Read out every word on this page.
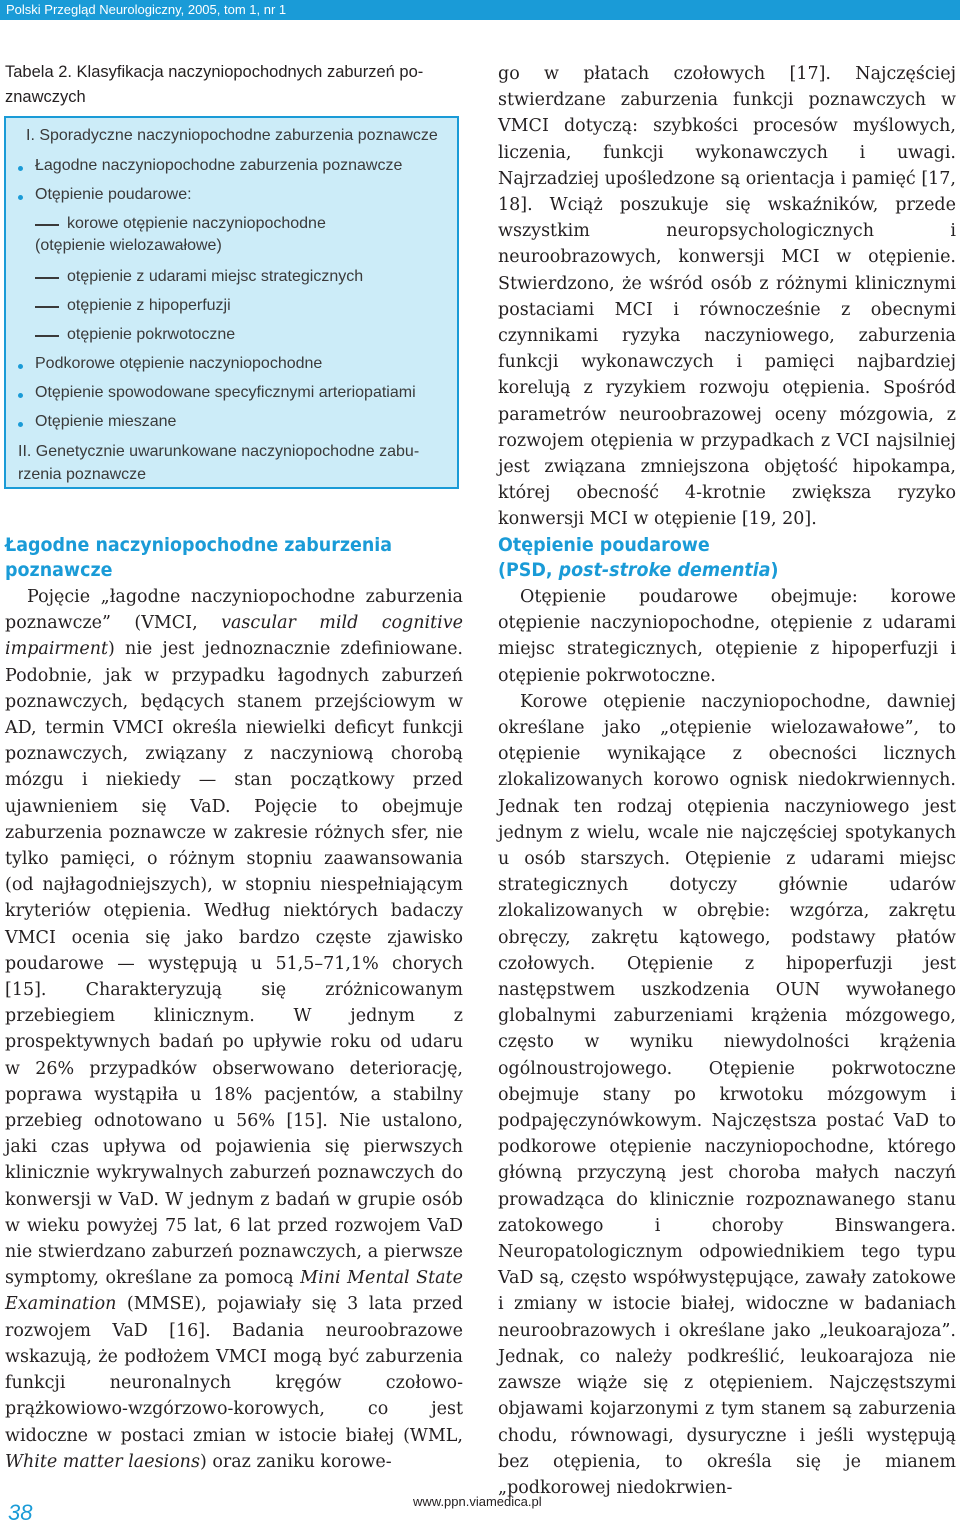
Polski Przegląd Neurologiczny, 2005, tom 1, nr 1
Tabela 2. Klasyfikacja naczyniopochodnych zaburzeń po-
znawczych
I. Sporadyczne naczyniopochodne zaburzenia poznawcze
Łagodne naczyniopochodne zaburzenia poznawcze
Otępienie poudarowe:
korowe otępienie naczyniopochodne
(otępienie wielozawałowe)
otępienie z udarami miejsc strategicznych
otępienie z hipoperfuzji
otępienie pokrwotoczne
Podkorowe otępienie naczyniopochodne
Otępienie spowodowane specyficznymi arteriopatiami
Otępienie mieszane
II. Genetycznie uwarunkowane naczyniopochodne zabu-
rzenia poznawcze
Łagodne naczyniopochodne zaburzenia
poznawcze

Pojęcie „łagodne naczyniopochodne zaburzenia poznawcze” (VMCI, vascular mild cognitive impairment) nie jest jednoznacznie zdefiniowane. Podobnie, jak w przypadku łagodnych zaburzeń poznawczych, będących stanem przejściowym w AD, termin VMCI określa niewielki deficyt funkcji poznawczych, związany z naczyniową chorobą mózgu i niekiedy — stan początkowy przed ujawnieniem się VaD. Pojęcie to obejmuje zaburzenia poznawcze w zakresie różnych sfer, nie tylko pamięci, o różnym stopniu zaawansowania (od najłagodniejszych), w stopniu niespełniającym kryteriów otępienia. Według niektórych badaczy VMCI ocenia się jako bardzo częste zjawisko poudarowe — występują u 51,5–71,1% chorych [15]. Charakteryzują się zróżnicowanym przebiegiem klinicznym. W jednym z prospektywnych badań po upływie roku od udaru w 26% przypadków obserwowano deteriorację, poprawa wystąpiła u 18% pacjentów, a stabilny przebieg odnotowano u 56% [15]. Nie ustalono, jaki czas upływa od pojawienia się pierwszych klinicznie wykrywalnych zaburzeń poznawczych do konwersji w VaD. W jednym z badań w grupie osób w wieku powyżej 75 lat, 6 lat przed rozwojem VaD nie stwierdzano zaburzeń poznawczych, a pierwsze symptomy, określane za pomocą Mini Mental State Examination (MMSE), pojawiały się 3 lata przed rozwojem VaD [16]. Badania neuroobrazowe wskazują, że podłożem VMCI mogą być zaburzenia funkcji neuronalnych kręgów czołowo-prążkowiowo-wzgórzowo-korowych, co jest widoczne w postaci zmian w istocie białej (WML, White matter laesions) oraz zaniku korowe-

go w płatach czołowych [17]. Najczęściej stwierdzane zaburzenia funkcji poznawczych w VMCI dotyczą: szybkości procesów myślowych, liczenia, funkcji wykonawczych i uwagi. Najrzadziej upośledzone są orientacja i pamięć [17, 18]. Wciąż poszukuje się wskaźników, przede wszystkim neuropsychologicznych i neuroobrazowych, konwersji MCI w otępienie. Stwierdzono, że wśród osób z różnymi klinicznymi postaciami MCI i równocześnie z obecnymi czynnikami ryzyka naczyniowego, zaburzenia funkcji wykonawczych i pamięci najbardziej korelują z ryzykiem rozwoju otępienia. Spośród parametrów neuroobrazowej oceny mózgowia, z rozwojem otępienia w przypadkach z VCI najsilniej jest związana zmniejszona objętość hipokampa, której obecność 4-krotnie zwiększa ryzyko konwersji MCI w otępienie [19, 20].

Otępienie poudarowe
(PSD, post-stroke dementia)

Otępienie poudarowe obejmuje: korowe otępienie naczyniopochodne, otępienie z udarami miejsc strategicznych, otępienie z hipoperfuzji i otępienie pokrwotoczne.

Korowe otępienie naczyniopochodne, dawniej określane jako „otępienie wielozawałowe”, to otępienie wynikające z obecności licznych zlokalizowanych korowo ognisk niedokrwiennych. Jednak ten rodzaj otępienia naczyniowego jest jednym z wielu, wcale nie najczęściej spotykanych u osób starszych. Otępienie z udarami miejsc strategicznych dotyczy głównie udarów zlokalizowanych w obrębie: wzgórza, zakrętu obręczy, zakrętu kątowego, podstawy płatów czołowych. Otępienie z hipoperfuzji jest następstwem uszkodzenia OUN wywołanego globalnymi zaburzeniami krążenia mózgowego, często w wyniku niewydolności krążenia ogólnoustrojowego. Otępienie pokrwotoczne obejmuje stany po krwotoku mózgowym i podpajęczynówkowym. Najczęstsza postać VaD to podkorowe otępienie naczyniopochodne, którego główną przyczyną jest choroba małych naczyń prowadząca do klinicznie rozpoznawanego stanu zatokowego i choroby Binswangera. Neuropatologicznym odpowiednikiem tego typu VaD są, często współwystępujące, zawały zatokowe i zmiany w istocie białej, widoczne w badaniach neuroobrazowych i określane jako „leukoarajoza”. Jednak, co należy podkreślić, leukoarajoza nie zawsze wiąże się z otępieniem. Najczęstszymi objawami kojarzonymi z tym stanem są zaburzenia chodu, równowagi, dysuryczne i jeśli występują bez otępienia, to określa się je mianem „podkorowej niedokrwien-

38	www.ppn.viamedica.pl
